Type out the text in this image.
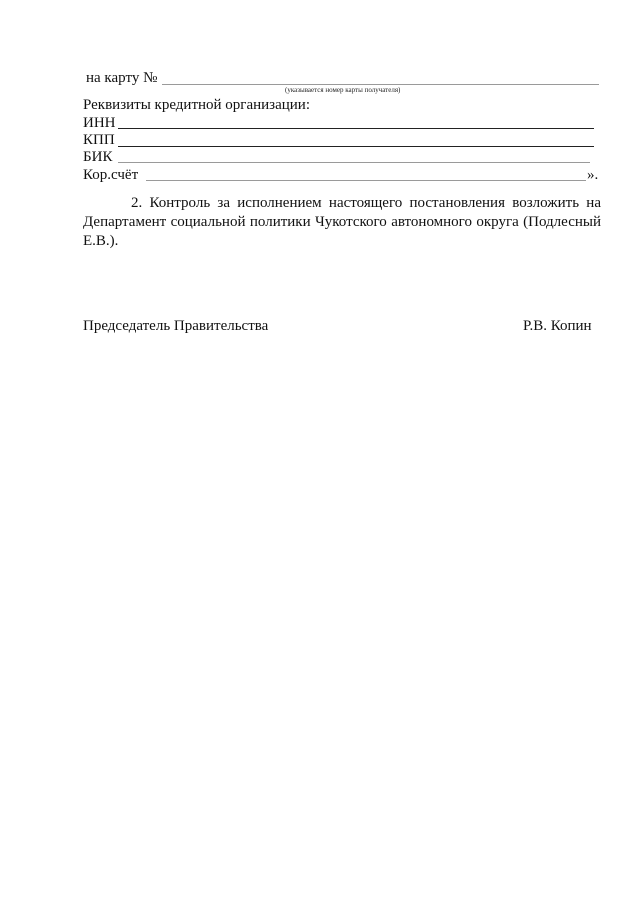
на карту №
(указывается номер карты получателя)
Реквизиты кредитной организации:
ИНН
КПП
БИК
Кор.счёт	».

2. Контроль за исполнением настоящего постановления возложить на Департамент социальной политики Чукотского автономного округа (Подлесный Е.В.).

Председатель Правительства	Р.В. Копин
